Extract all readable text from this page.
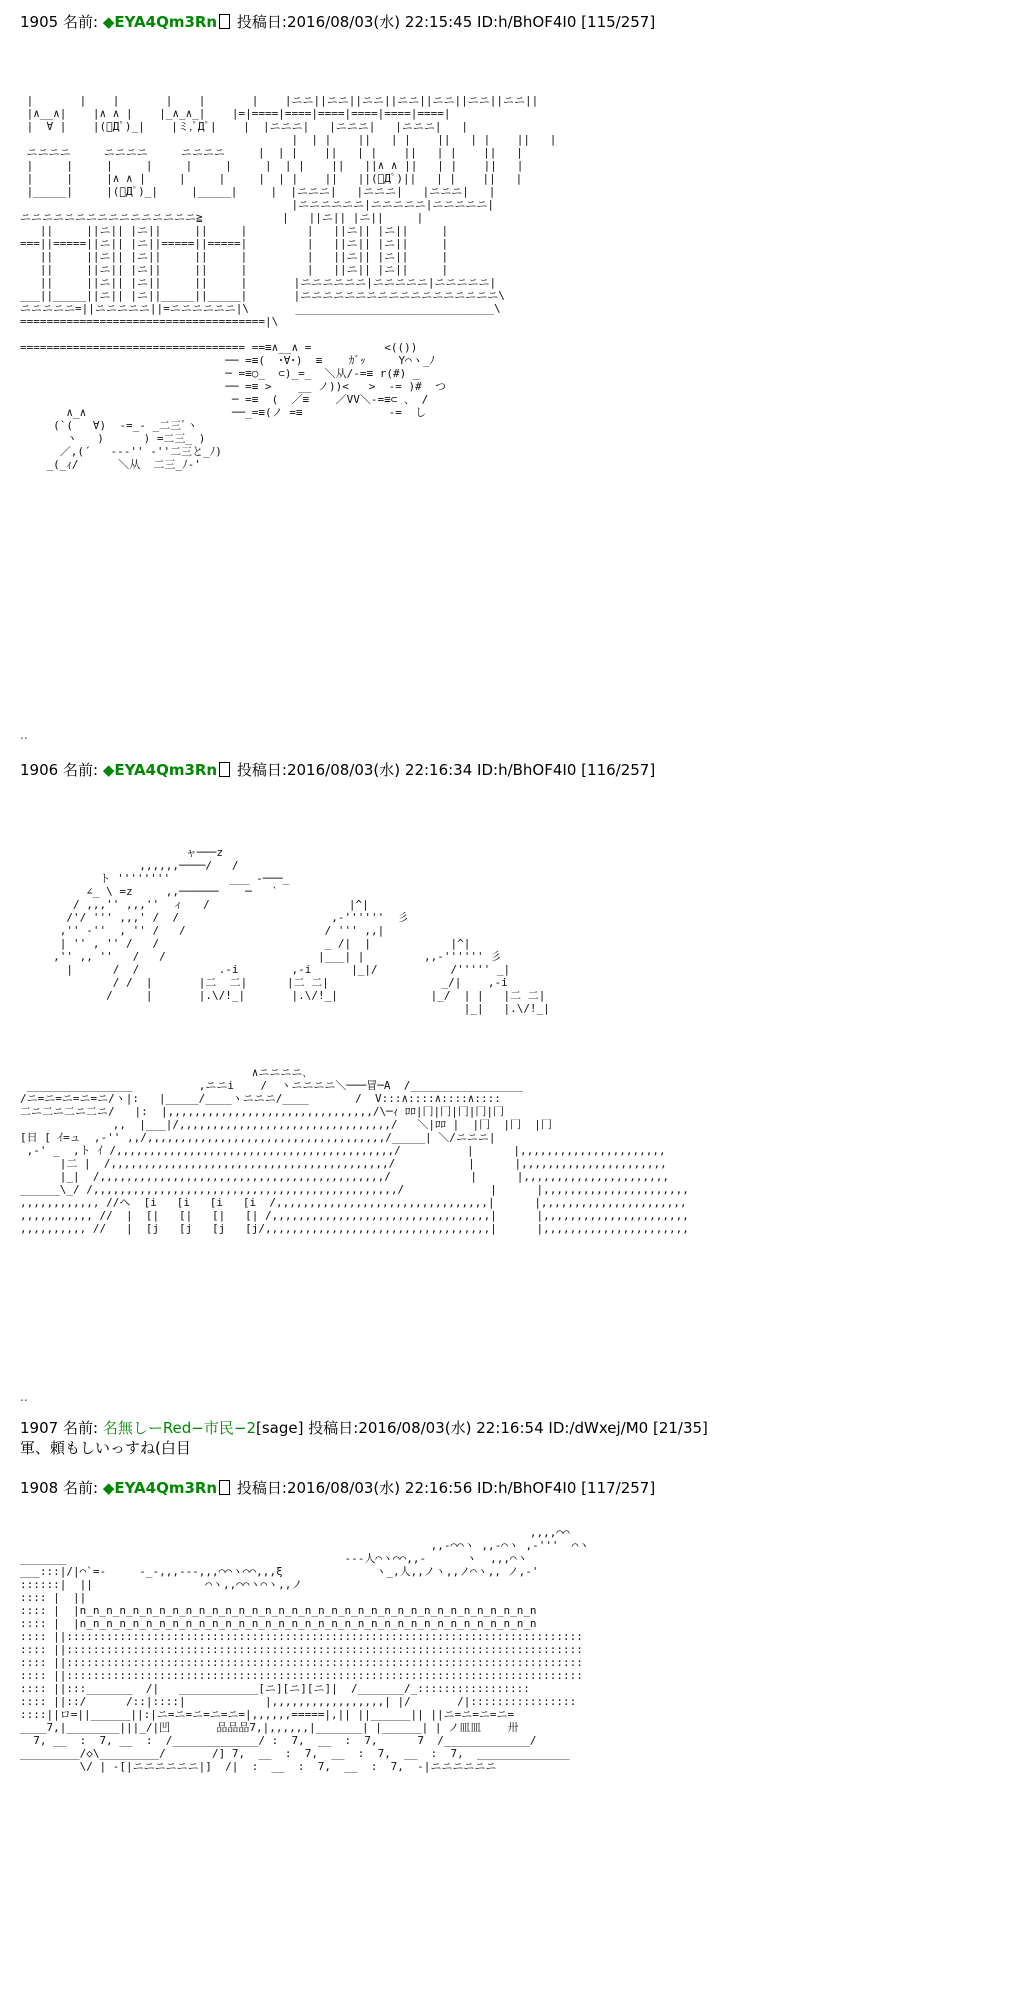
1905 名前: ◆EYA4Qm3Rn 投稿日:2016/08/03(水) 22:15:45 ID:h/BhOF4I0 [115/257]
|       |    |       |    |       |    |ニニ||ニニ||ニニ||ニニ||ニニ||ニニ||ニニ||
|∧__∧|    |∧ ∧ |    |_∧_∧_|    |=|====|====|====|====|====|====|
|  ∀ |    |(ﾟДﾟ)_|    |ミ,ﾟДﾟ|    |  |ニニニ|   |ニニニ|   |ニニニ|   |
|  | |    ||   | |    ||   | |    ||   |
ニニニニ     ニニニニ     ニニニニ     |  | |    ||   | |    ||   | |    ||   |
|     |     |     |     |     |     |  | |    ||   ||∧ ∧ ||   | |    ||   |
|     |     |∧ ∧ |     |     |     |  | |    ||   ||(ﾟДﾟ)||   | |    ||   |
|_____|     |(ﾟДﾟ)_|     |_____|     |  |ニニニ|   |ニニニ|   |ニニニ|   |
|ニニニニニニ|ニニニニニ|ニニニニニ|
ニニニニニニニニニニニニニニニニ≧            |   ||ニ|| |ニ||     |
||     ||ニ|| |ニ||     ||     |         |   ||ニ|| |ニ||     |
===||=====||ニ|| |ニ||=====||=====|         |   ||ニ|| |ニ||     |
||     ||ニ|| |ニ||     ||     |         |   ||ニ|| |ニ||     |
||     ||ニ|| |ニ||     ||     |         |   ||ニ|| |ニ||     |
||     ||ニ|| |ニ||     ||     |       |ニニニニニニ|ニニニニニ|ニニニニニ|
___||_____||ニ|| |ニ||_____||_____|       |ニニニニニニニニニニニニニニニニニニ\
ニニニニニ=||ニニニニニ||=ニニニニニニ|\       ______________________________\
=====================================|\

================================== ==≡∧__∧ =           <(())
── =≡(  ･∀･)  ≡    ｶﾞｯ     Y⌒ヽ_ﾉ
─ =≡○_  ⊂)_=_  ＼从/-=≡ r(#) _
── =≡ >    __ ノ))<   >  -= )#  つ
─ =≡  (  ／≡    ／VV＼-=≡⊂ 、 /
∧_∧                      ──_=≡(ノ =≡             -=  し
(`(   ∀)  -=_- _二三ﾞヽ
ヽ   )      ) =二三_ )
／,(´   --‐'' -''二三と_ﾉ)
_(_ｨ/      ＼从  二三_ﾉ-'
..
1906 名前: ◆EYA4Qm3Rn 投稿日:2016/08/03(水) 22:16:34 ID:h/BhOF4I0 [116/257]
ャ───z
,,,,,,────/   /
ト ''''''''         ___ -───_
∠_ \ =z     ,,──────    ─   `
/ ,,,'' ,,,''  ィ   /                     |^|
/'/ ''' ,,,' /  /                       ,-''''''  彡
,'' -''  , '' /   /                     / ''' ,,|
| '' , '' /   /                         _ /|  |            |^|
,'' ,, ''   /   /                       |___| |         ,,-'''''' 彡
|      /  /            .-i        ,-i      |_|/           /''''' _|
/ /  |       |二  二|      |二 二|                 _/|    ,-i
/     |       |.\/!_|       |.\/!_|              |_/  | |   |二 二|
|_|   |.\/!_|
∧ニニニニ､
________________          ,ニニi    /  ヽニニニニ＼───冒─A  /_________________
/ニ=ニ=ニ=ニ=ニ/ヽ|:   |_____/____ヽニニニ/____       /  V:::∧::::∧::::∧::::
二ニ二ニ二ニ二ニ/   |:  |,,,,,,,,,,,,,,,,,,,,,,,,,,,,,,,/\─ｨ ﾛﾛ|冂|冂|冂|冂|冂
,,  |___|/,,,,,,,,,,,,,,,,,,,,,,,,,,,,,,,,/   ＼|ﾛﾛ |  |冂  |冂  |冂
[日 [ ｲ=ュ  ,-'' ,,/,,,,,,,,,,,,,,,,,,,,,,,,,,,,,,,,,,,,/_____| ＼/ニニニ|
,-' _  ,ト ｲ /,,,,,,,,,,,,,,,,,,,,,,,,,,,,,,,,,,,,,,,,,,/          |      |,,,,,,,,,,,,,,,,,,,,,,
|二 |  /,,,,,,,,,,,,,,,,,,,,,,,,,,,,,,,,,,,,,,,,,,/           |      |,,,,,,,,,,,,,,,,,,,,,,
|_|  /,,,,,,,,,,,,,,,,,,,,,,,,,,,,,,,,,,,,,,,,,,,/            |      |,,,,,,,,,,,,,,,,,,,,,,
______\_/ /,,,,,,,,,,,,,,,,,,,,,,,,,,,,,,,,,,,,,,,,,,,,,,/             |      |,,,,,,,,,,,,,,,,,,,,,,
,,,,,,,,,,,, //ヘ  [i   [i   [i   [i  /,,,,,,,,,,,,,,,,,,,,,,,,,,,,,,,,|      |,,,,,,,,,,,,,,,,,,,,,,
,,,,,,,,,,, //  |  [|   [|   [|   [| /,,,,,,,,,,,,,,,,,,,,,,,,,,,,,,,,,|      |,,,,,,,,,,,,,,,,,,,,,,
,,,,,,,,,, //   |  [j   [j   [j   [j/,,,,,,,,,,,,,,,,,,,,,,,,,,,,,,,,,,|      |,,,,,,,,,,,,,,,,,,,,,,
..
1907 名前: 名無しーRed−市民−2[sage] 投稿日:2016/08/03(水) 22:16:54 ID:/dWxej/M0 [21/35]
軍、頼もしいっすね(白目
1908 名前: ◆EYA4Qm3Rn 投稿日:2016/08/03(水) 22:16:56 ID:h/BhOF4I0 [117/257]
,,,,⌒⌒
,,-⌒⌒ヽ ,,-⌒ヽ ,-'''  ⌒ヽ
_______                                          --‐人⌒ヽ⌒⌒,,-      ヽ  ,,,⌒ヽ
___:::|/|⌒`=-     -_-,,,---,,,⌒⌒ヽ⌒⌒,,,ξ              ヽ_,人,,ノヽ,,ノ⌒ヽ,, ノ,-'
::::::|  ||                 ⌒ヽ,,⌒⌒ヽ⌒ヽ,,ノ
:::: |  ||
:::: |  |n_n_n_n_n_n_n_n_n_n_n_n_n_n_n_n_n_n_n_n_n_n_n_n_n_n_n_n_n_n_n_n_n_n_n
:::: |  |n_n_n_n_n_n_n_n_n_n_n_n_n_n_n_n_n_n_n_n_n_n_n_n_n_n_n_n_n_n_n_n_n_n_n
:::: ||::::::::::::::::::::::::::::::::::::::::::::::::::::::::::::::::::::::::::::::
:::: ||::::::::::::::::::::::::::::::::::::::::::::::::::::::::::::::::::::::::::::::
:::: ||::::::::::::::::::::::::::::::::::::::::::::::::::::::::::::::::::::::::::::::
:::: ||::::::::::::::::::::::::::::::::::::::::::::::::::::::::::::::::::::::::::::::
:::: ||:::_______  /|   ____________[ニ][ニ][ニ]|  /_______/_:::::::::::::::::
:::: ||::/      /::|::::|            |,,,,,,,,,,,,,,,,,| |/       /|::::::::::::::::
::::||ロ=||______||:|ニ=ニ=ニ=ニ=ニ=|,,,,,,=====|,|| ||______|| ||ニ=ニ=ニ=ニ=
____7,|________|||_/|凹       品品品7,|,,,,,,|_______| |______| | ノ皿皿    卅
7, __  :  7, __  :  /_____________/ :  7,  __  :  7,      7  /_____________/
_________/◇\_________/       /] 7,  __  :  7,  __  :  7,  __  :  7,  ______________
\/ | -[|ニニニニニニ|]  /|  :  __  :  7,  __  :  7,  -|ニニニニニニ
